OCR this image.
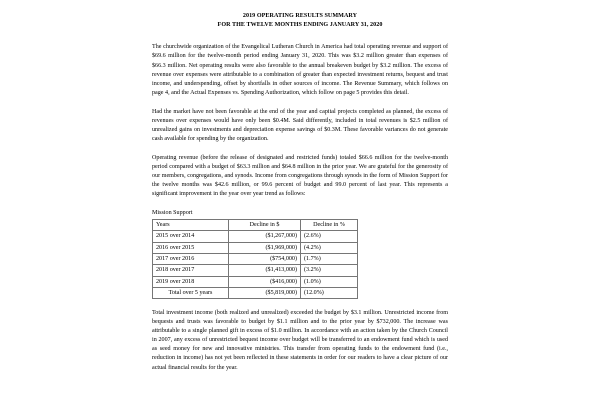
2019 OPERATING RESULTS SUMMARY
FOR THE TWELVE MONTHS ENDING JANUARY 31, 2020

The churchwide organization of the Evangelical Lutheran Church in America had total operating revenue and support of $69.6 million for the twelve-month period ending January 31, 2020. This was $3.2 million greater than expenses of $66.3 million. Net operating results were also favorable to the annual breakeven budget by $3.2 million. The excess of revenue over expenses were attributable to a combination of greater than expected investment returns, bequest and trust income, and underspending, offset by shortfalls in other sources of income. The Revenue Summary, which follows on page 4, and the Actual Expenses vs. Spending Authorization, which follow on page 5 provides this detail.

Had the market have not been favorable at the end of the year and capital projects completed as planned, the excess of revenues over expenses would have only been $0.4M. Said differently, included in total revenues is $2.5 million of unrealized gains on investments and depreciation expense savings of $0.3M. These favorable variances do not generate cash available for spending by the organization.

Operating revenue (before the release of designated and restricted funds) totaled $66.6 million for the twelve-month period compared with a budget of $63.3 million and $64.8 million in the prior year. We are grateful for the generosity of our members, congregations, and synods. Income from congregations through synods in the form of Mission Support for the twelve months was $42.6 million, or 99.6 percent of budget and 99.0 percent of last year. This represents a significant improvement in the year over year trend as follows:

Mission Support
Years	Decline in $	Decline in %
2015 over 2014	($1,267,000)	(2.6%)
2016 over 2015	($1,969,000)	(4.2%)
2017 over 2016	($754,000)	(1.7%)
2018 over 2017	($1,413,000)	(3.2%)
2019 over 2018	($416,000)	(1.0%)
Total over 5 years	($5,819,000)	(12.0%)

Total investment income (both realized and unrealized) exceeded the budget by $3.1 million. Unrestricted income from bequests and trusts was favorable to budget by $1.1 million and to the prior year by $732,000. The increase was attributable to a single planned gift in excess of $1.0 million. In accordance with an action taken by the Church Council in 2007, any excess of unrestricted bequest income over budget will be transferred to an endowment fund which is used as seed money for new and innovative ministries. This transfer from operating funds to the endowment fund (i.e., reduction in income) has not yet been reflected in these statements in order for our readers to have a clear picture of our actual financial results for the year.
